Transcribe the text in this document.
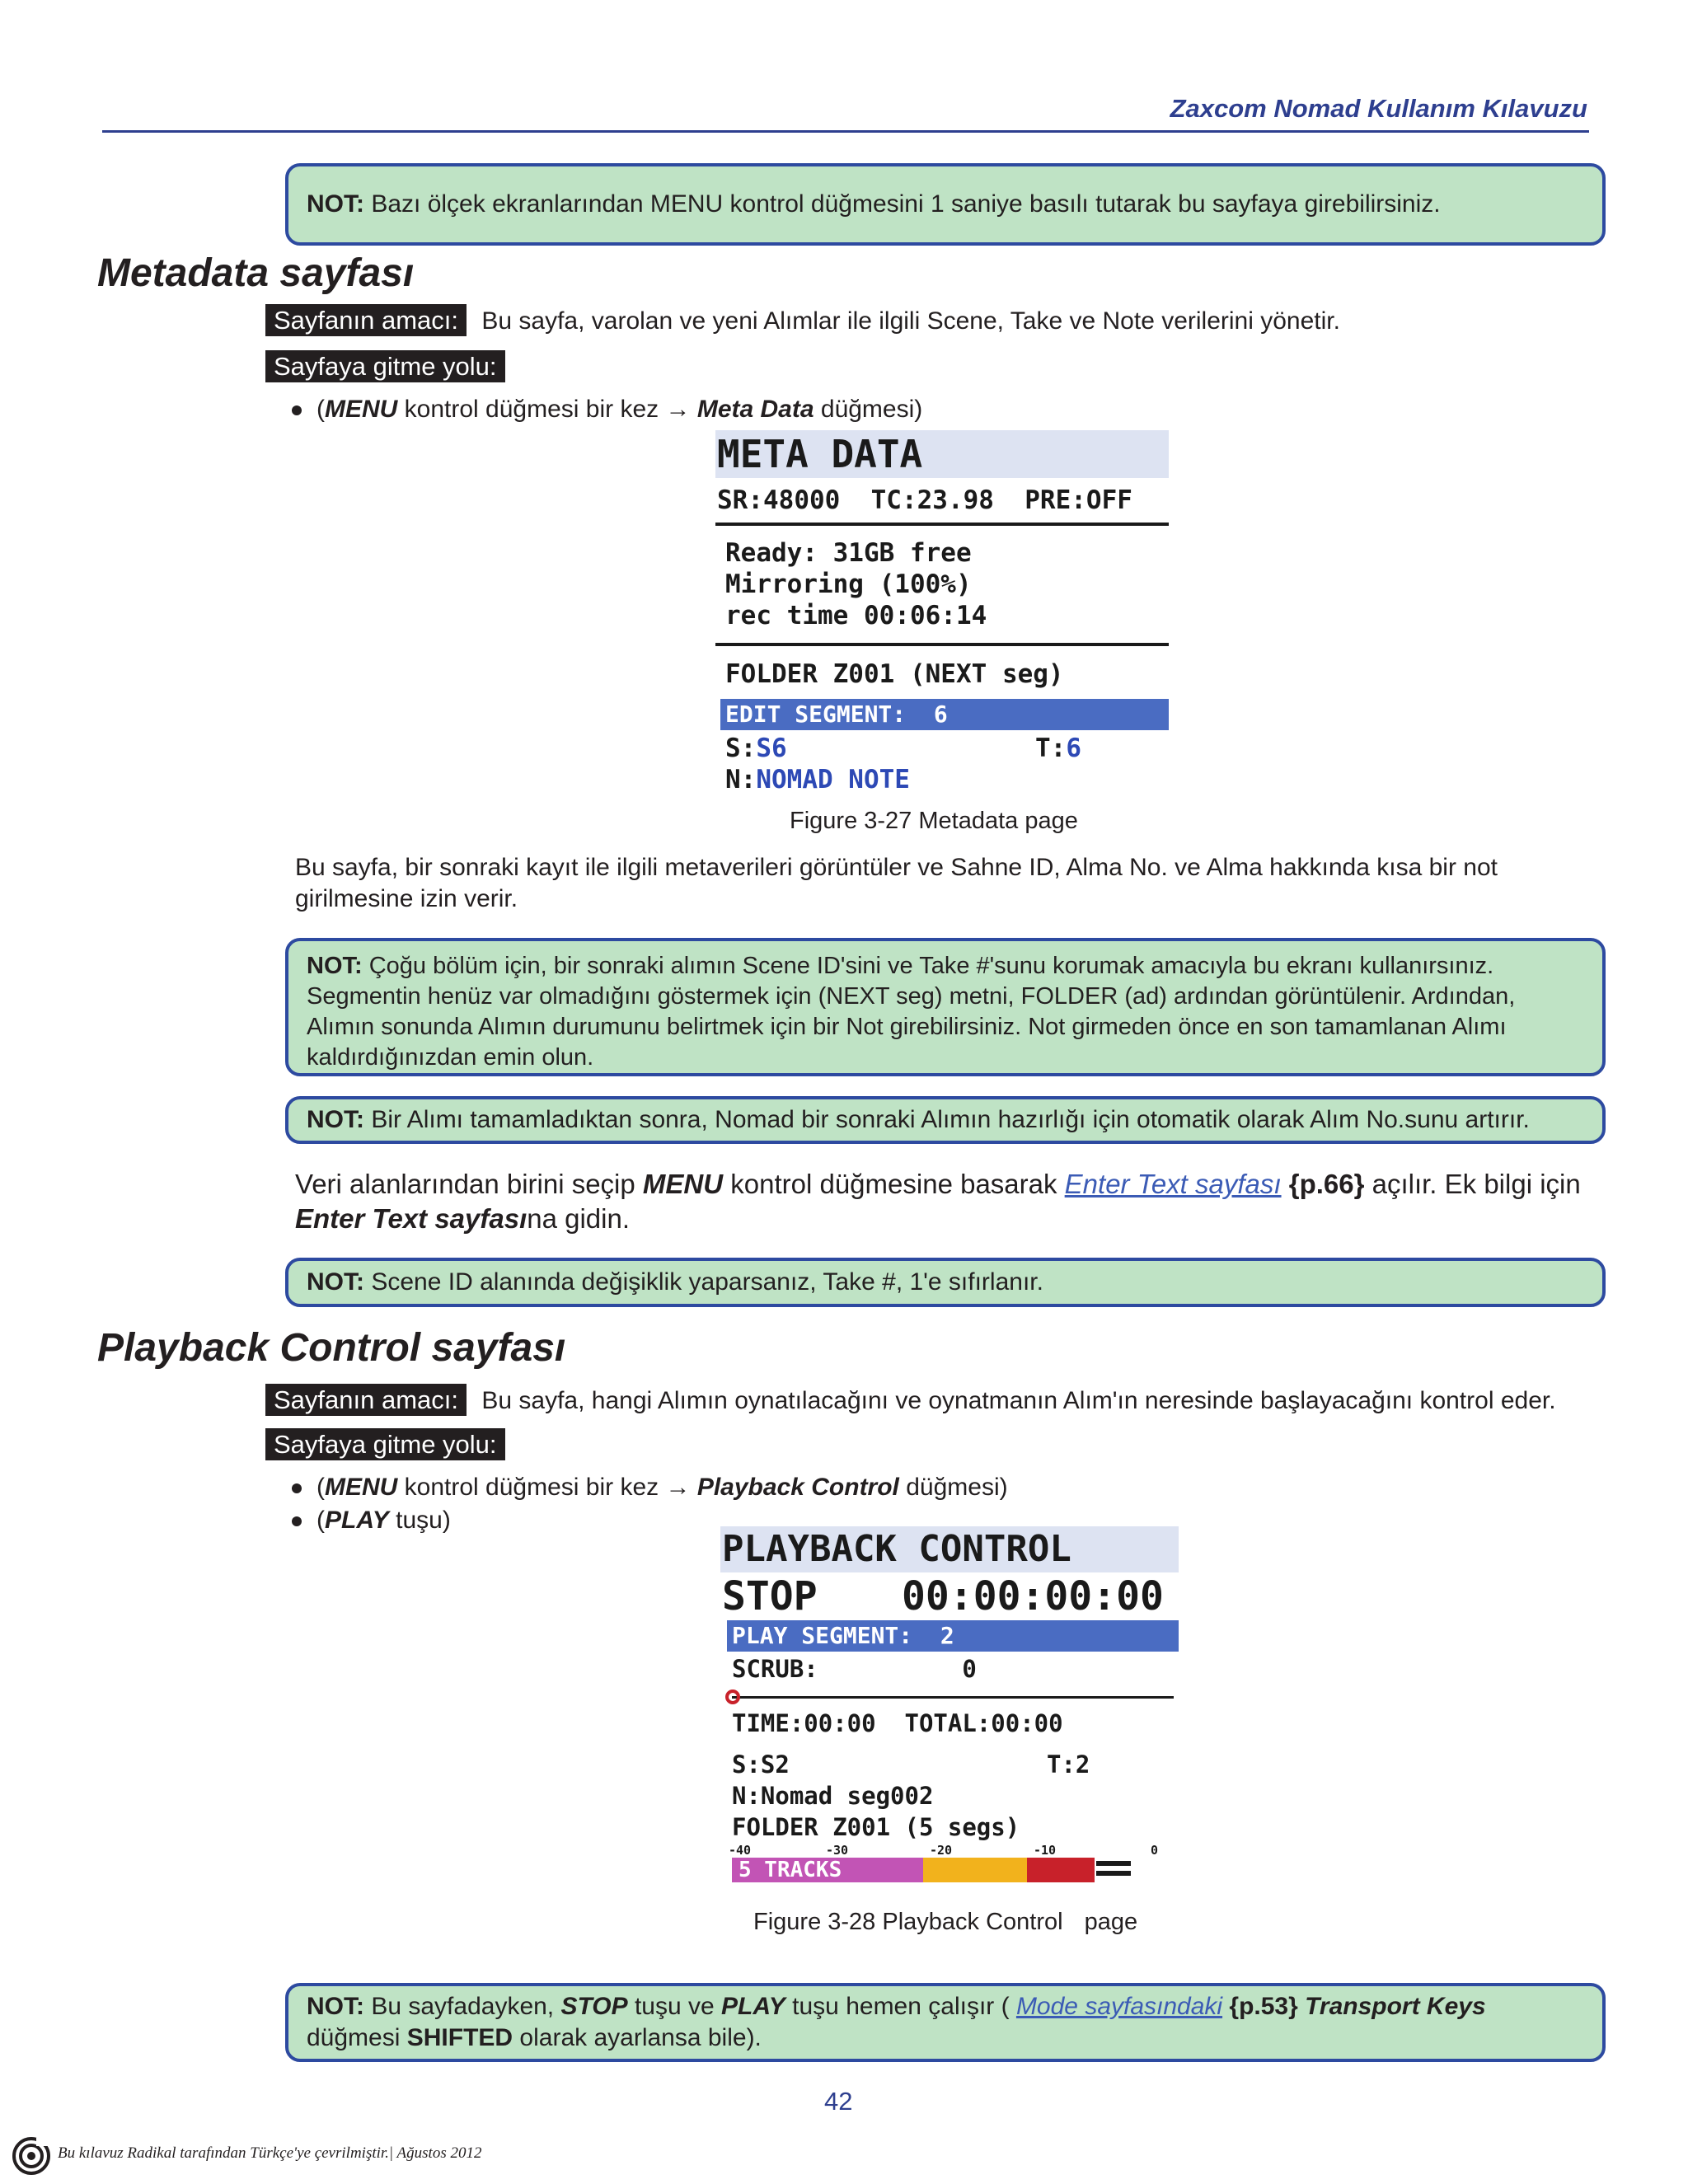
Zaxcom Nomad Kullanım Kılavuzu
NOT: Bazı ölçek ekranlarından MENU kontrol düğmesini 1 saniye basılı tutarak bu sayfaya girebilirsiniz.
Metadata sayfası
Sayfanın amacı: Bu sayfa, varolan ve yeni Alımlar ile ilgili Scene, Take ve Note verilerini yönetir.
Sayfaya gitme yolu:
(MENU kontrol düğmesi bir kez → Meta Data düğmesi)
META DATA
SR:48000  TC:23.98  PRE:OFF
Ready: 31GB free
Mirroring (100%)
rec time 00:06:14
FOLDER Z001 (NEXT seg)
EDIT SEGMENT:  6
S:S6	T:6
N:NOMAD NOTE
Figure 3-27 Metadata page
Bu sayfa, bir sonraki kayıt ile ilgili metaverileri görüntüler ve Sahne ID, Alma No. ve Alma hakkında kısa bir not girilmesine izin verir.
NOT: Çoğu bölüm için, bir sonraki alımın Scene ID'sini ve Take #'sunu korumak amacıyla bu ekranı kullanırsınız. Segmentin henüz var olmadığını göstermek için (NEXT seg) metni, FOLDER (ad) ardından görüntülenir. Ardından, Alımın sonunda Alımın durumunu belirtmek için bir Not girebilirsiniz. Not girmeden önce en son tamamlanan Alımı kaldırdığınızdan emin olun.
NOT: Bir Alımı tamamladıktan sonra, Nomad bir sonraki Alımın hazırlığı için otomatik olarak Alım No.sunu artırır.
Veri alanlarından birini seçip MENU kontrol düğmesine basarak Enter Text sayfası {p.66} açılır. Ek bilgi için Enter Text sayfasına gidin.
NOT: Scene ID alanında değişiklik yaparsanız, Take #, 1'e sıfırlanır.
Playback Control sayfası
Sayfanın amacı: Bu sayfa, hangi Alımın oynatılacağını ve oynatmanın Alım'ın neresinde başlayacağını kontrol eder.
Sayfaya gitme yolu:
(MENU kontrol düğmesi bir kez → Playback Control düğmesi)
(PLAY tuşu)
PLAYBACK CONTROL
STOP 00:00:00:00
PLAY SEGMENT:  2
SCRUB:          0
TIME:00:00  TOTAL:00:00
S:S2	T:2
N:Nomad seg002
FOLDER Z001 (5 segs)
-40	-30	-20	-10	0
5 TRACKS
Figure 3-28 Playback Control page
NOT: Bu sayfadayken, STOP tuşu ve PLAY tuşu hemen çalışır ( Mode sayfasındaki {p.53} Transport Keys düğmesi SHIFTED olarak ayarlansa bile).
42
Bu kılavuz Radikal tarafından Türkçe'ye çevrilmiştir.| Ağustos 2012
